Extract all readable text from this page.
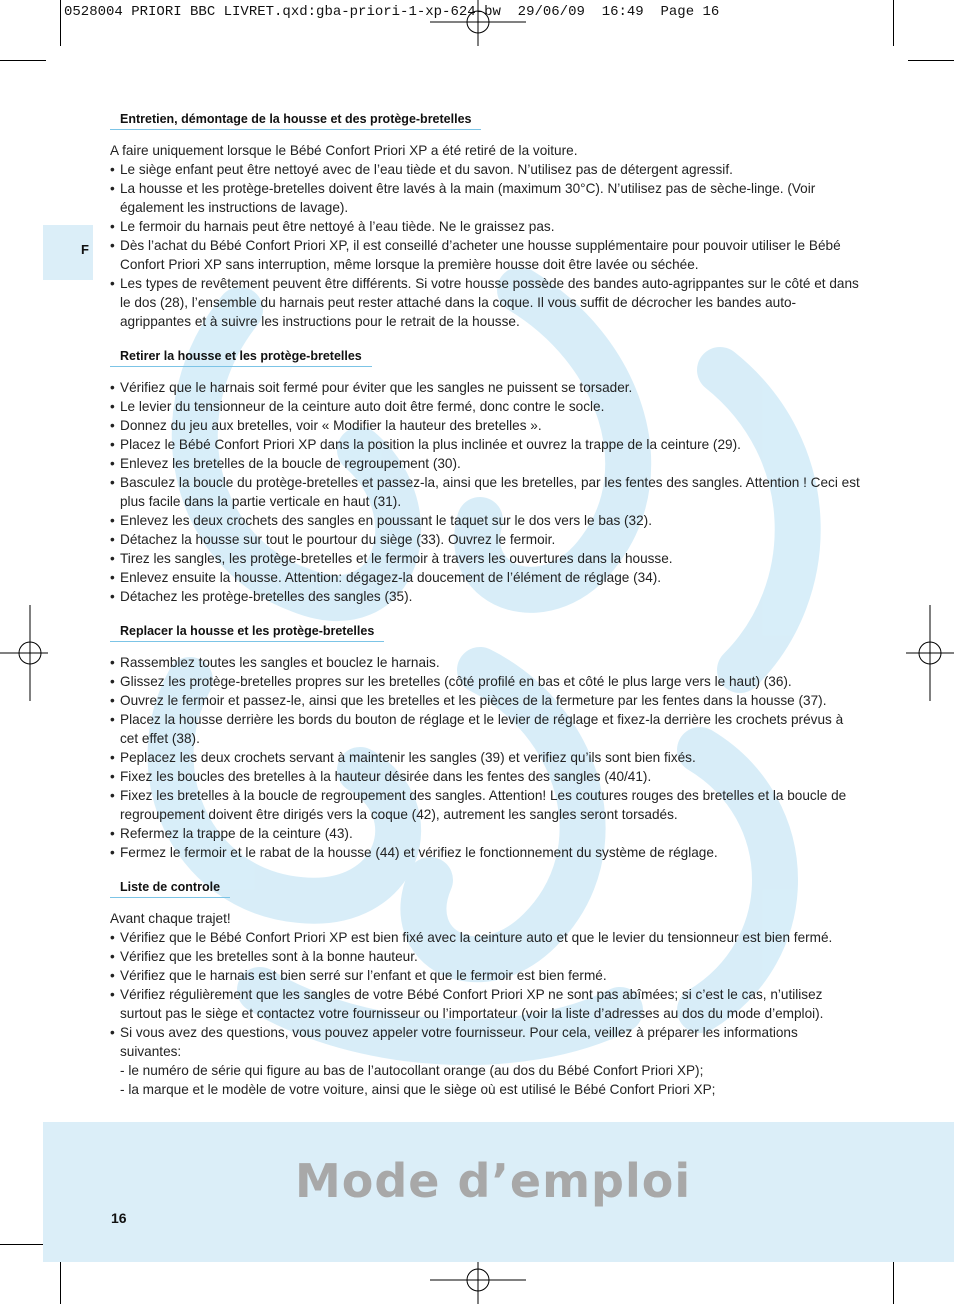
0528004 PRIORI BBC LIVRET.qxd:gba-priori-1-xp-624-bw  29/06/09  16:49  Page 16
F
Entretien, démontage de la housse et des protège-bretelles

A faire uniquement lorsque le Bébé Confort Priori XP a été retiré de la voiture.

• Le siège enfant peut être nettoyé avec de l’eau tiède et du savon. N’utilisez pas de détergent agressif.
• La housse et les protège-bretelles doivent être lavés à la main (maximum 30°C). N’utilisez pas de sèche-linge. (Voir également les instructions de lavage).
• Le fermoir du harnais peut être nettoyé à l’eau tiède. Ne le graissez pas.
• Dès l’achat du Bébé Confort Priori XP, il est conseillé d’acheter une housse supplémentaire pour pouvoir utiliser le Bébé Confort Priori XP sans interruption, même lorsque la première housse doit être lavée ou séchée.
• Les types de revêtement peuvent être différents. Si votre housse possède des bandes auto-agrippantes sur le côté et dans le dos (28), l’ensemble du harnais peut rester attaché dans la coque. Il vous suffit de décrocher les bandes auto-agrippantes et à suivre les instructions pour le retrait de la housse.
Retirer la housse et les protège-bretelles
• Vérifiez que le harnais soit fermé pour éviter que les sangles ne puissent se torsader.
• Le levier du tensionneur de la ceinture auto doit être fermé, donc contre le socle.
• Donnez du jeu aux bretelles, voir « Modifier la hauteur des bretelles ».
• Placez le Bébé Confort Priori XP dans la position la plus inclinée et ouvrez la trappe de la ceinture (29).
• Enlevez les bretelles de la boucle de regroupement (30).
• Basculez la boucle du protège-bretelles et passez-la, ainsi que les bretelles, par les fentes des sangles. Attention ! Ceci est plus facile dans la partie verticale en haut (31).
• Enlevez les deux crochets des sangles en poussant le taquet sur le dos vers le bas (32).
• Détachez la housse sur tout le pourtour du siège (33). Ouvrez le fermoir.
• Tirez les sangles, les protège-bretelles et le fermoir à travers les ouvertures dans la housse.
• Enlevez ensuite la housse. Attention: dégagez-la doucement de l’élément de réglage (34).
• Détachez les protège-bretelles des sangles (35).
Replacer la housse et les protège-bretelles
• Rassemblez toutes les sangles et bouclez le harnais.
• Glissez les protège-bretelles propres sur les bretelles (côté profilé en bas et côté le plus large vers le haut) (36).
• Ouvrez le fermoir et passez-le, ainsi que les bretelles et les pièces de la fermeture par les fentes dans la housse (37).
• Placez la housse derrière les bords du bouton de réglage et le levier de réglage et fixez-la derrière les crochets prévus à cet effet (38).
• Peplacez les deux crochets servant à maintenir les sangles (39) et verifiez qu’ils sont bien fixés.
• Fixez les boucles des bretelles à la hauteur désirée dans les fentes des sangles (40/41).
• Fixez les bretelles à la boucle de regroupement des sangles. Attention! Les coutures rouges des bretelles et la boucle de regroupement doivent être dirigés vers la coque (42), autrement les sangles seront torsadés.
• Refermez la trappe de la ceinture (43).
• Fermez le fermoir et le rabat de la housse (44) et vérifiez le fonctionnement du système de réglage.
Liste de controle

Avant chaque trajet!

• Vérifiez que le Bébé Confort Priori XP est bien fixé avec la ceinture auto et que le levier du tensionneur est bien fermé.
• Vérifiez que les bretelles sont à la bonne hauteur.
• Vérifiez que le harnais est bien serré sur l’enfant et que le fermoir est bien fermé.
• Vérifiez régulièrement que les sangles de votre Bébé Confort Priori XP ne sont pas abîmées; si c’est le cas, n’utilisez surtout pas le siège et contactez votre fournisseur ou l’importateur (voir la liste d’adresses au dos du mode d’emploi).
• Si vous avez des questions, vous pouvez appeler votre fournisseur. Pour cela, veillez à préparer les informations suivantes:
- le numéro de série qui figure au bas de l’autocollant orange (au dos du Bébé Confort Priori XP);
- la marque et le modèle de votre voiture, ainsi que le siège où est utilisé le Bébé Confort Priori XP;
Mode d’emploi
16
